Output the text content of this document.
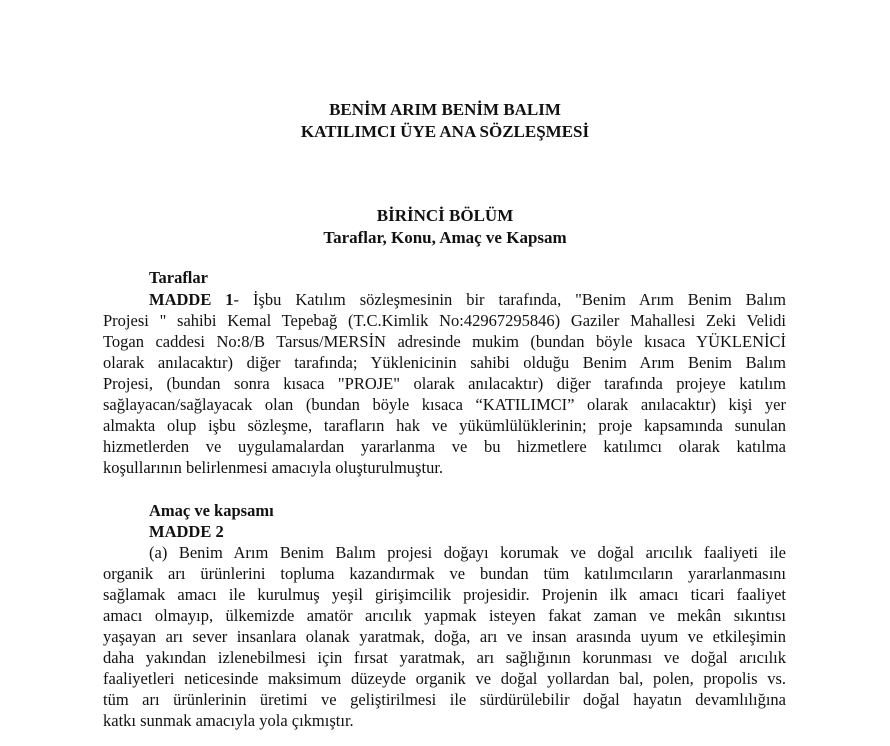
BENİM ARIM BENİM BALIM
KATILIMCI ÜYE ANA SÖZLEŞMESİ
BİRİNCİ BÖLÜM
Taraflar, Konu, Amaç ve Kapsam
Taraflar
MADDE 1- İşbu Katılım sözleşmesinin bir tarafında, "Benim Arım Benim Balım
Projesi " sahibi Kemal Tepebağ (T.C.Kimlik No:42967295846) Gaziler Mahallesi Zeki Velidi
Togan caddesi No:8/B Tarsus/MERSİN adresinde mukim (bundan böyle kısaca YÜKLENİCİ
olarak anılacaktır) diğer tarafında; Yüklenicinin sahibi olduğu Benim Arım Benim Balım
Projesi, (bundan sonra kısaca "PROJE" olarak anılacaktır) diğer tarafında projeye katılım
sağlayacan/sağlayacak olan (bundan böyle kısaca “KATILIMCI” olarak anılacaktır) kişi yer
almakta olup işbu sözleşme, tarafların hak ve yükümlülüklerinin; proje kapsamında sunulan
hizmetlerden ve uygulamalardan yararlanma ve bu hizmetlere katılımcı olarak katılma
koşullarının belirlenmesi amacıyla oluşturulmuştur.
Amaç ve kapsamı
MADDE 2
(a) Benim Arım Benim Balım projesi doğayı korumak ve doğal arıcılık faaliyeti ile
organik arı ürünlerini topluma kazandırmak ve bundan tüm katılımcıların yararlanmasını
sağlamak amacı ile kurulmuş yeşil girişimcilik projesidir. Projenin ilk amacı ticari faaliyet
amacı olmayıp, ülkemizde amatör arıcılık yapmak isteyen fakat zaman ve mekân sıkıntısı
yaşayan arı sever insanlara olanak yaratmak, doğa, arı ve insan arasında uyum ve etkileşimin
daha yakından izlenebilmesi için fırsat yaratmak, arı sağlığının korunması ve doğal arıcılık
faaliyetleri neticesinde maksimum düzeyde organik ve doğal yollardan bal, polen, propolis vs.
tüm arı ürünlerinin üretimi ve geliştirilmesi ile sürdürülebilir doğal hayatın devamlılığına
katkı sunmak amacıyla yola çıkmıştır.
